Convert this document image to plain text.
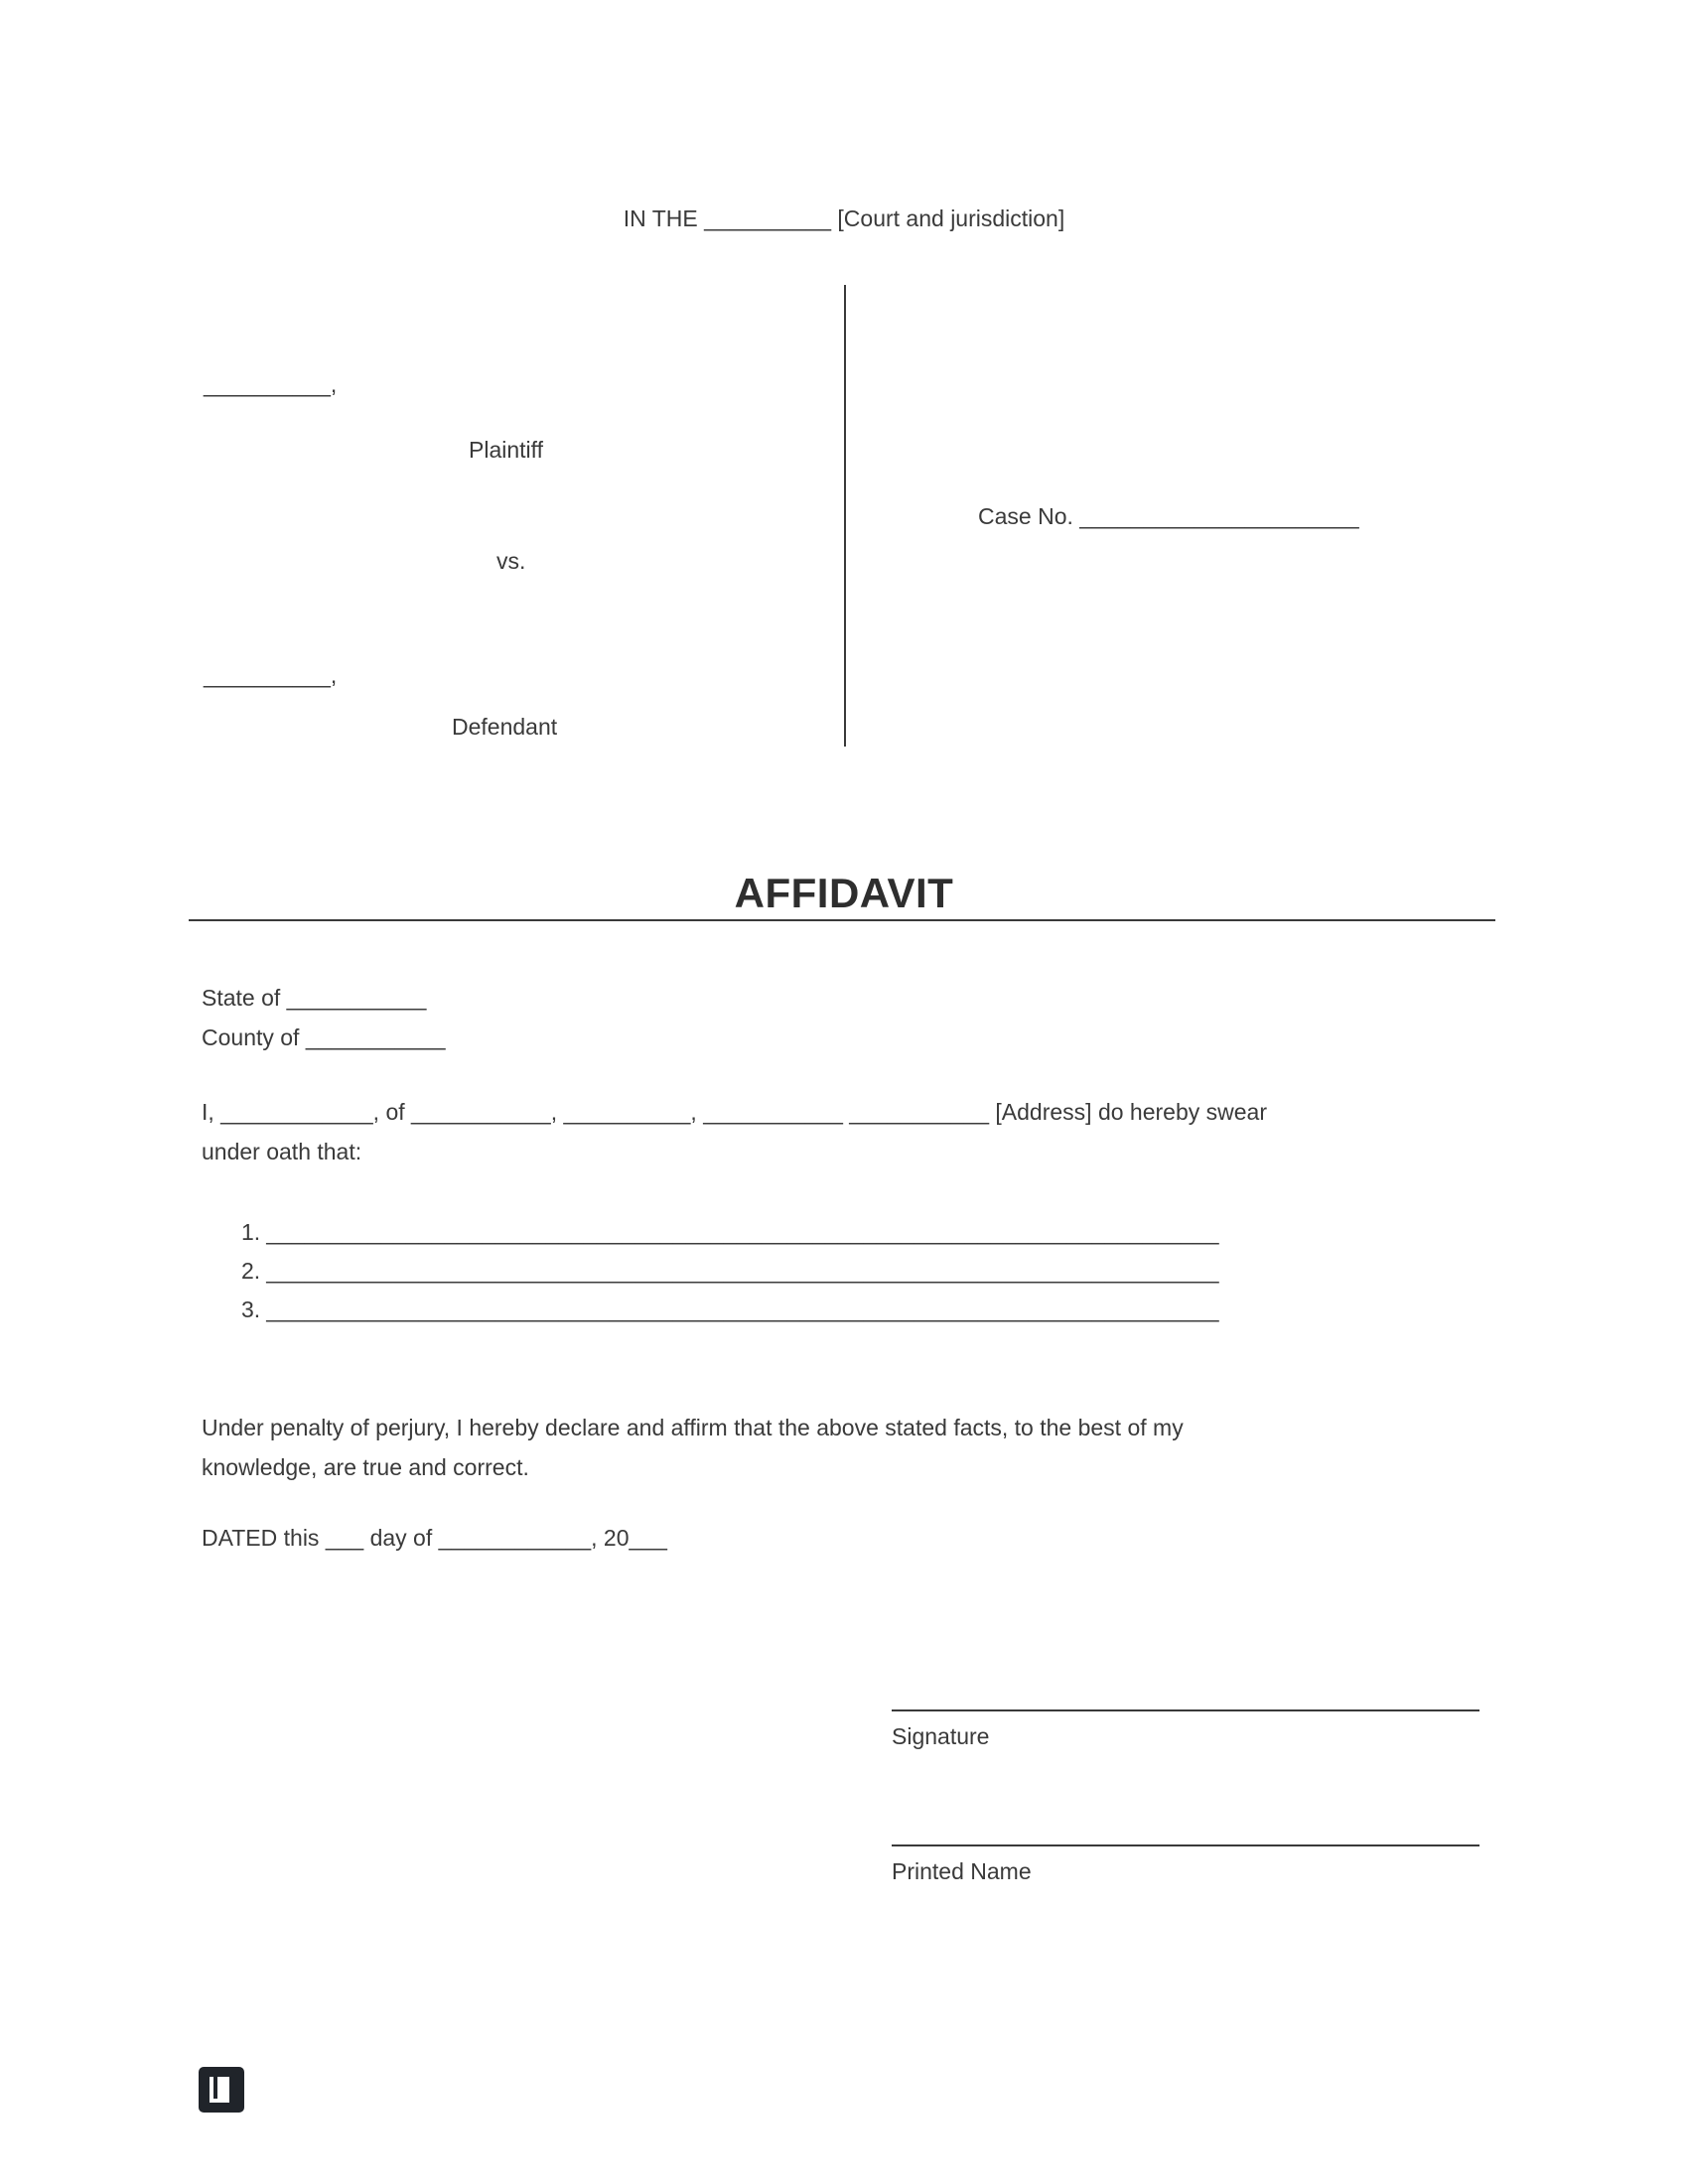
IN THE __________ [Court and jurisdiction]
__________,
Plaintiff
vs.
__________,
Defendant
Case No. ______________________
AFFIDAVIT
State of ___________
County of ___________
I, ____________, of ___________, __________, ___________ ___________ [Address] do hereby swear
under oath that:
1. ___________________________________________________________________________
2. ___________________________________________________________________________
3. ___________________________________________________________________________
Under penalty of perjury, I hereby declare and affirm that the above stated facts, to the best of my
knowledge, are true and correct.
DATED this ___ day of ____________, 20___
Signature
Printed Name
